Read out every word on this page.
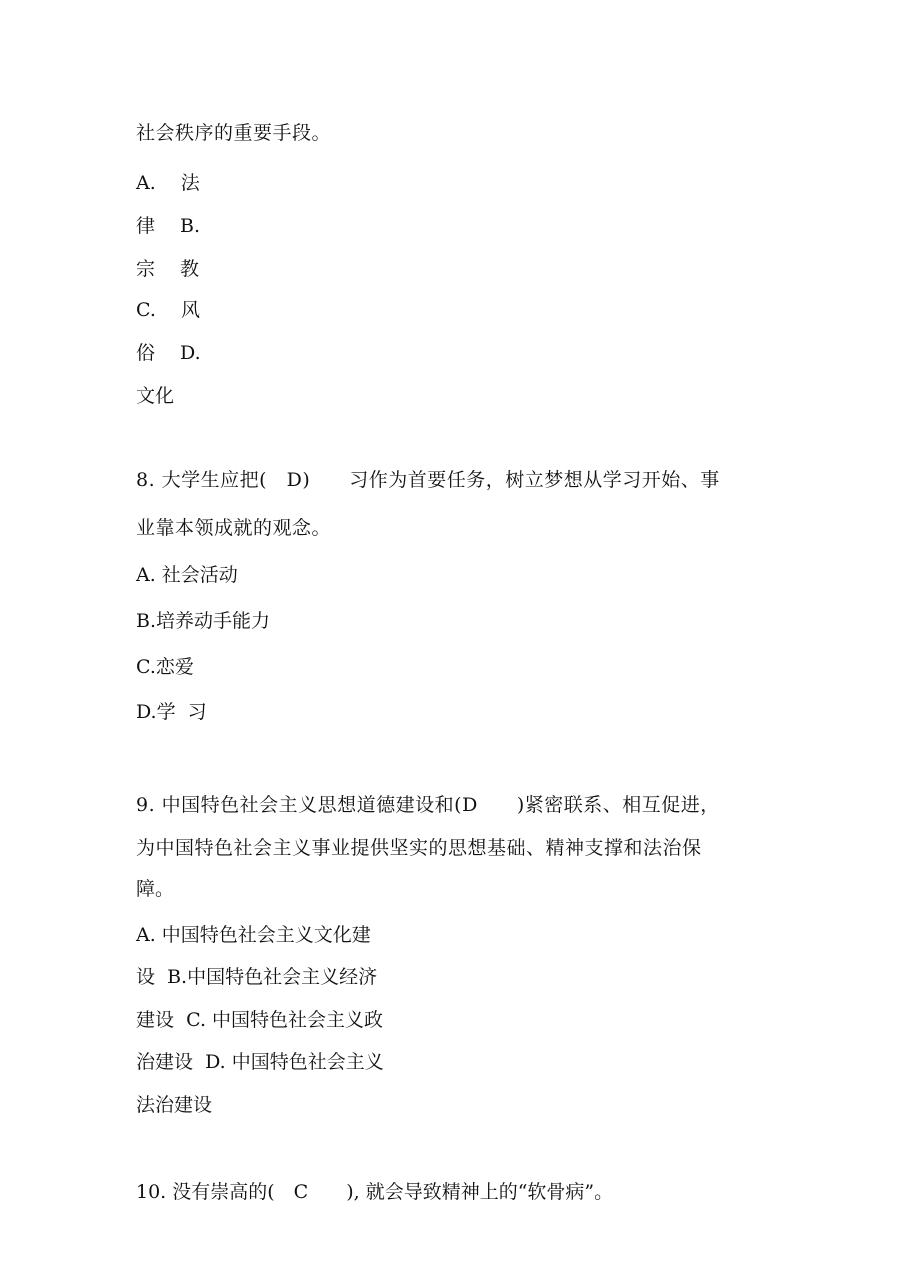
社会秩序的重要手段。
A.　 法
律　 B.
宗　 教
C.　 风
俗　 D.
文化
8. 大学生应把(　D)　　习作为首要任务，树立梦想从学习开始、事
业靠本领成就的观念。
A. 社会活动
B.培养动手能力
C.恋爱
D.学  习
9. 中国特色社会主义思想道德建设和(D　　)紧密联系、相互促进，
为中国特色社会主义事业提供坚实的思想基础、精神支撑和法治保
障。
A. 中国特色社会主义文化建
设  B.中国特色社会主义经济
建设  C. 中国特色社会主义政
治建设  D. 中国特色社会主义
法治建设
10. 没有崇高的(　C　　), 就会导致精神上的“软骨病”。
